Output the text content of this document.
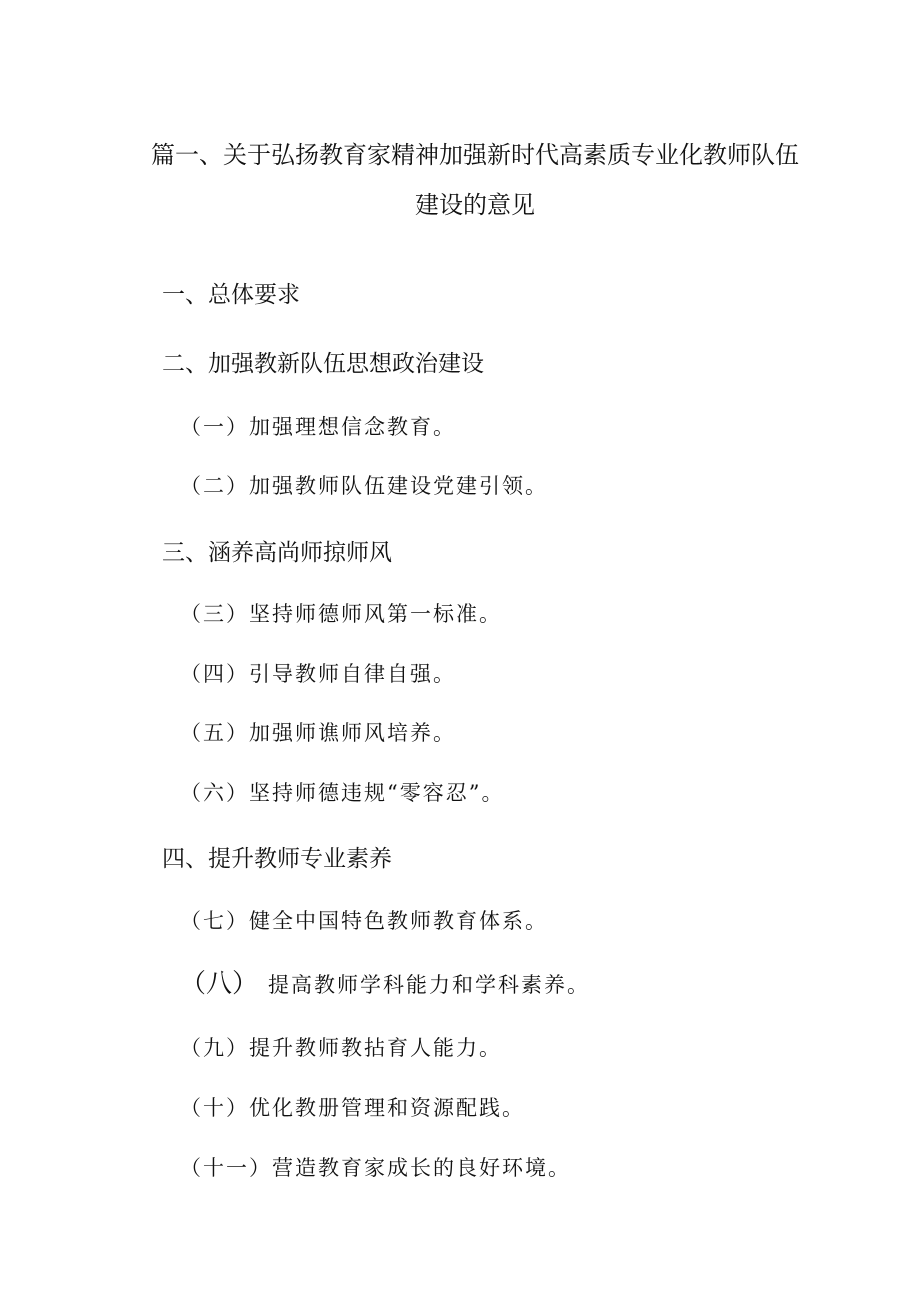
篇一、关于弘扬教育家精神加强新时代高素质专业化教师队伍
建设的意见

一、总体要求

二、加强教新队伍思想政治建设

（一）加强理想信念教育。

（二）加强教师队伍建设党建引领。

三、涵养高尚师掠师风

（三）坚持师德师风第一标准。

（四）引导教师自律自强。

（五）加强师谯师风培养。

（六）坚持师德违规“零容忍”。

四、提升教师专业素养

（七）健全中国特色教师教育体系。

（八） 提高教师学科能力和学科素养。

（九）提升教师教拈育人能力。

（十）优化教册管理和资源配践。

（十一）营造教育家成长的良好环境。
